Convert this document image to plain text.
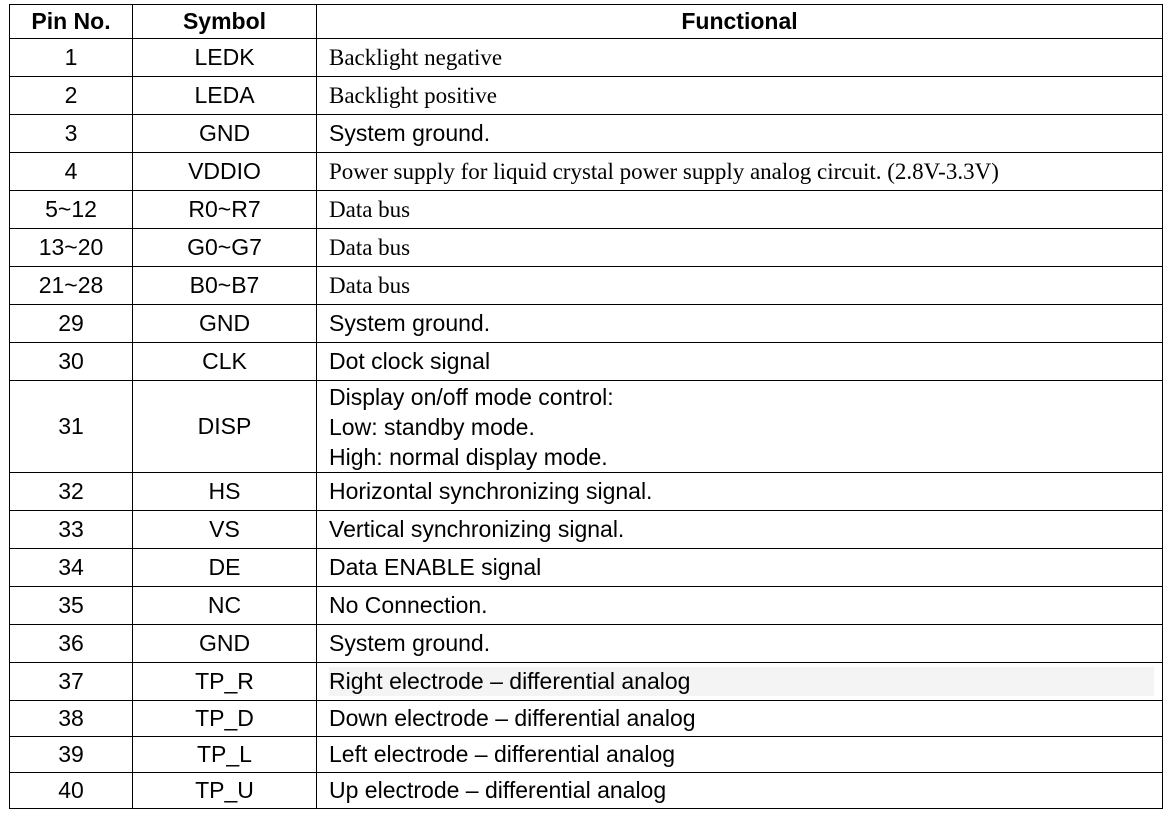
Pin No.	Symbol	Functional
1	LEDK	Backlight negative
2	LEDA	Backlight positive
3	GND	System ground.
4	VDDIO	Power supply for liquid crystal power supply analog circuit. (2.8V-3.3V)
5~12	R0~R7	Data bus
13~20	G0~G7	Data bus
21~28	B0~B7	Data bus
29	GND	System ground.
30	CLK	Dot clock signal
31	DISP	Display on/off mode control:
Low: standby mode.
High: normal display mode.

32	HS	Horizontal synchronizing signal.
33	VS	Vertical synchronizing signal.
34	DE	Data ENABLE signal
35	NC	No Connection.
36	GND	System ground.
37	TP_R	Right electrode – differential analog

38	TP_D	Down electrode – differential analog
39	TP_L	Left electrode – differential analog
40	TP_U	Up electrode – differential analog
